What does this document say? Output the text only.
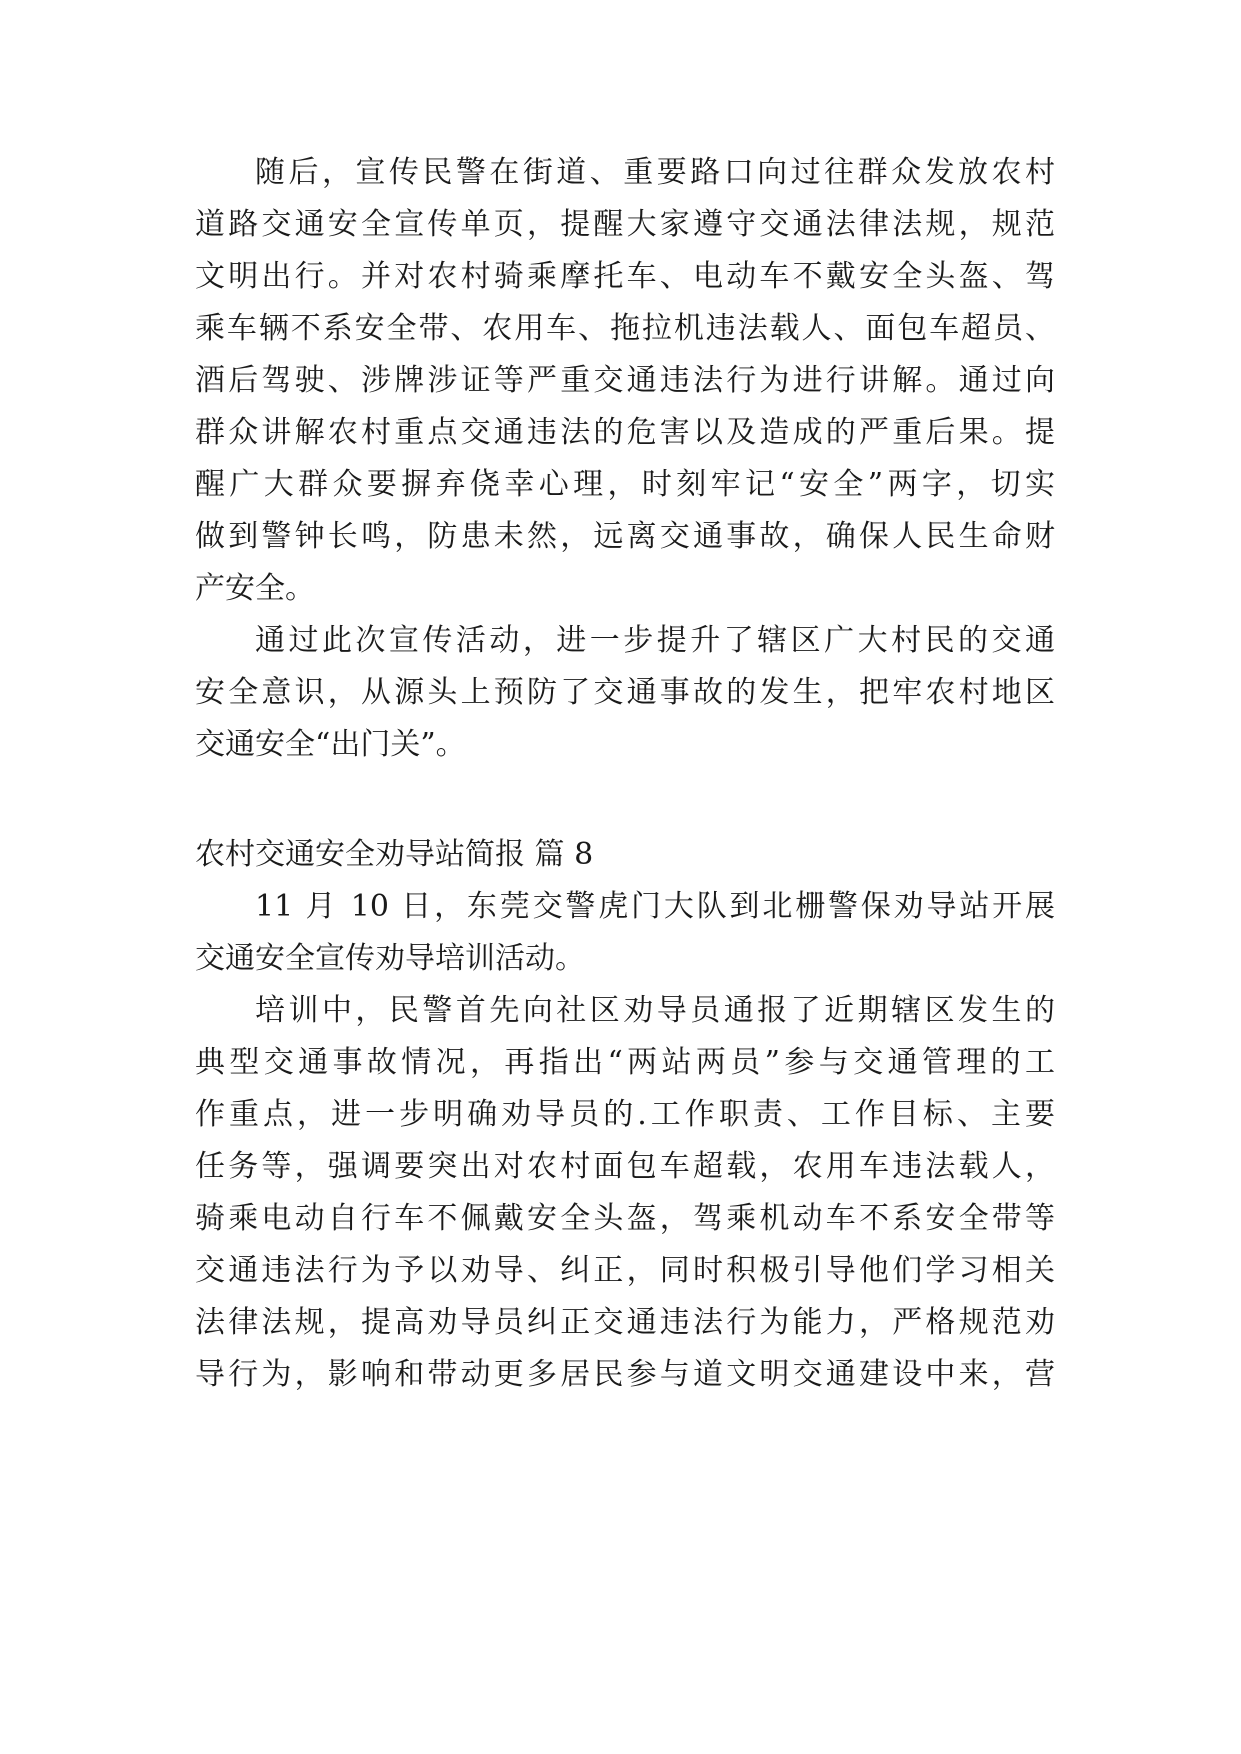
随后，宣传民警在街道、重要路口向过往群众发放农村
道路交通安全宣传单页，提醒大家遵守交通法律法规，规范
文明出行。并对农村骑乘摩托车、电动车不戴安全头盔、驾
乘车辆不系安全带、农用车、拖拉机违法载人、面包车超员、
酒后驾驶、涉牌涉证等严重交通违法行为进行讲解。通过向
群众讲解农村重点交通违法的危害以及造成的严重后果。提
醒广大群众要摒弃侥幸心理，时刻牢记“安全”两字，切实
做到警钟长鸣，防患未然，远离交通事故，确保人民生命财
产安全。
通过此次宣传活动，进一步提升了辖区广大村民的交通
安全意识，从源头上预防了交通事故的发生，把牢农村地区
交通安全“出门关”。
农村交通安全劝导站简报 篇 8
11 月 10 日，东莞交警虎门大队到北栅警保劝导站开展
交通安全宣传劝导培训活动。
培训中，民警首先向社区劝导员通报了近期辖区发生的
典型交通事故情况，再指出“两站两员”参与交通管理的工
作重点，进一步明确劝导员的.工作职责、工作目标、主要
任务等，强调要突出对农村面包车超载，农用车违法载人，
骑乘电动自行车不佩戴安全头盔，驾乘机动车不系安全带等
交通违法行为予以劝导、纠正，同时积极引导他们学习相关
法律法规，提高劝导员纠正交通违法行为能力，严格规范劝
导行为，影响和带动更多居民参与道文明交通建设中来，营
